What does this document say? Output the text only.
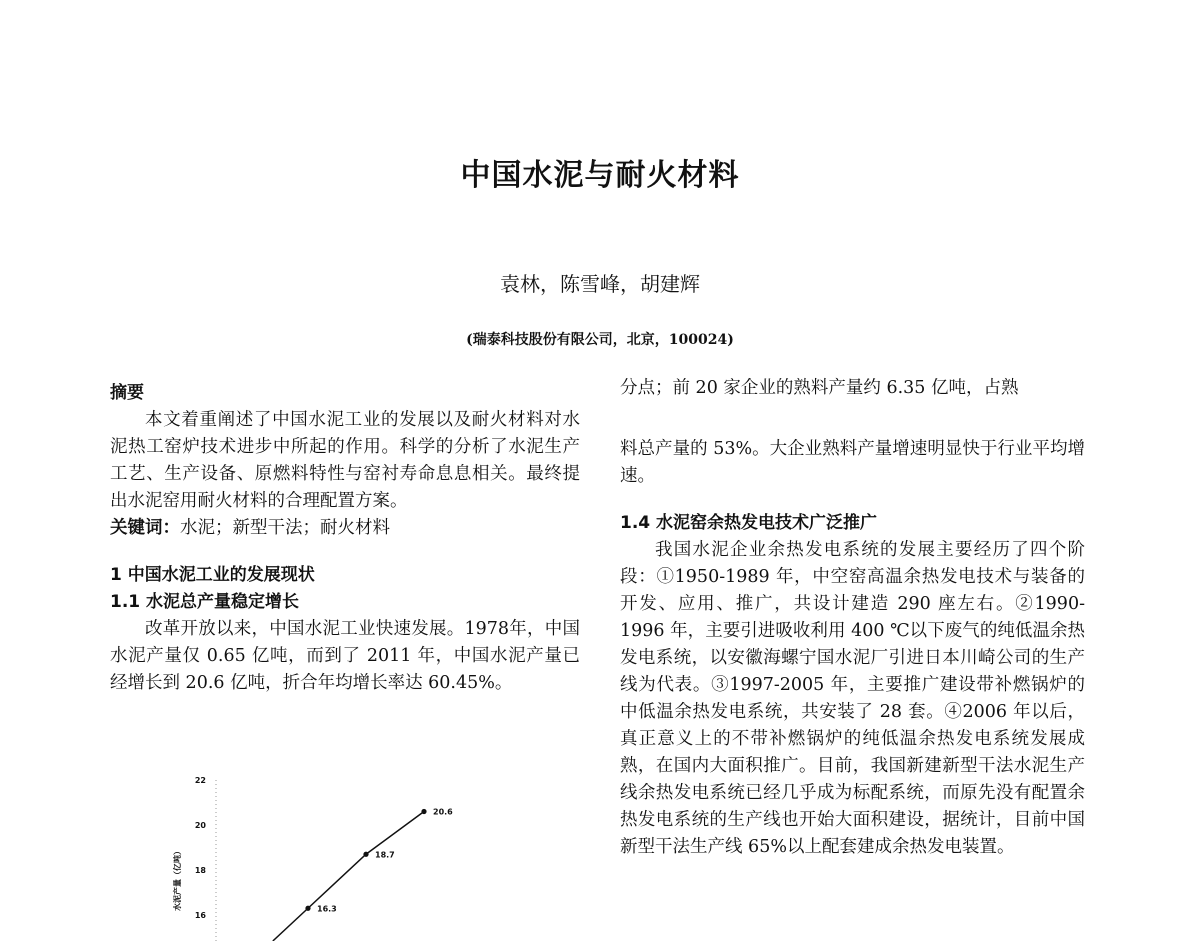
中国水泥与耐火材料

袁林，陈雪峰，胡建辉

(瑞泰科技股份有限公司，北京，100024)

摘要

本文着重阐述了中国水泥工业的发展以及耐火材料对水泥热工窑炉技术进步中所起的作用。科学的分析了水泥生产工艺、生产设备、原燃料特性与窑衬寿命息息相关。最终提出水泥窑用耐火材料的合理配置方案。

关键词：水泥；新型干法；耐火材料

1 中国水泥工业的发展现状

1.1 水泥总产量稳定增长

改革开放以来，中国水泥工业快速发展。1978年，中国水泥产量仅 0.65 亿吨，而到了 2011 年，中国水泥产量已经增长到 20.6 亿吨，折合年均增长率达 60.45%。

16
18
20
22
水泥产量（亿吨）	16.3
18.7
20.6

分点；前 20 家企业的熟料产量约 6.35 亿吨，占熟

料总产量的 53%。大企业熟料产量增速明显快于行业平均增速。

1.4 水泥窑余热发电技术广泛推广

我国水泥企业余热发电系统的发展主要经历了四个阶段：①1950-1989 年，中空窑高温余热发电技术与装备的开发、应用、推广，共设计建造 290 座左右。②1990-1996 年，主要引进吸收利用 400 ℃以下废气的纯低温余热发电系统，以安徽海螺宁国水泥厂引进日本川崎公司的生产线为代表。③1997-2005 年，主要推广建设带补燃锅炉的中低温余热发电系统，共安装了 28 套。④2006 年以后，真正意义上的不带补燃锅炉的纯低温余热发电系统发展成熟，在国内大面积推广。目前，我国新建新型干法水泥生产线余热发电系统已经几乎成为标配系统，而原先没有配置余热发电系统的生产线也开始大面积建设，据统计，目前中国新型干法生产线 65%以上配套建成余热发电装置。
